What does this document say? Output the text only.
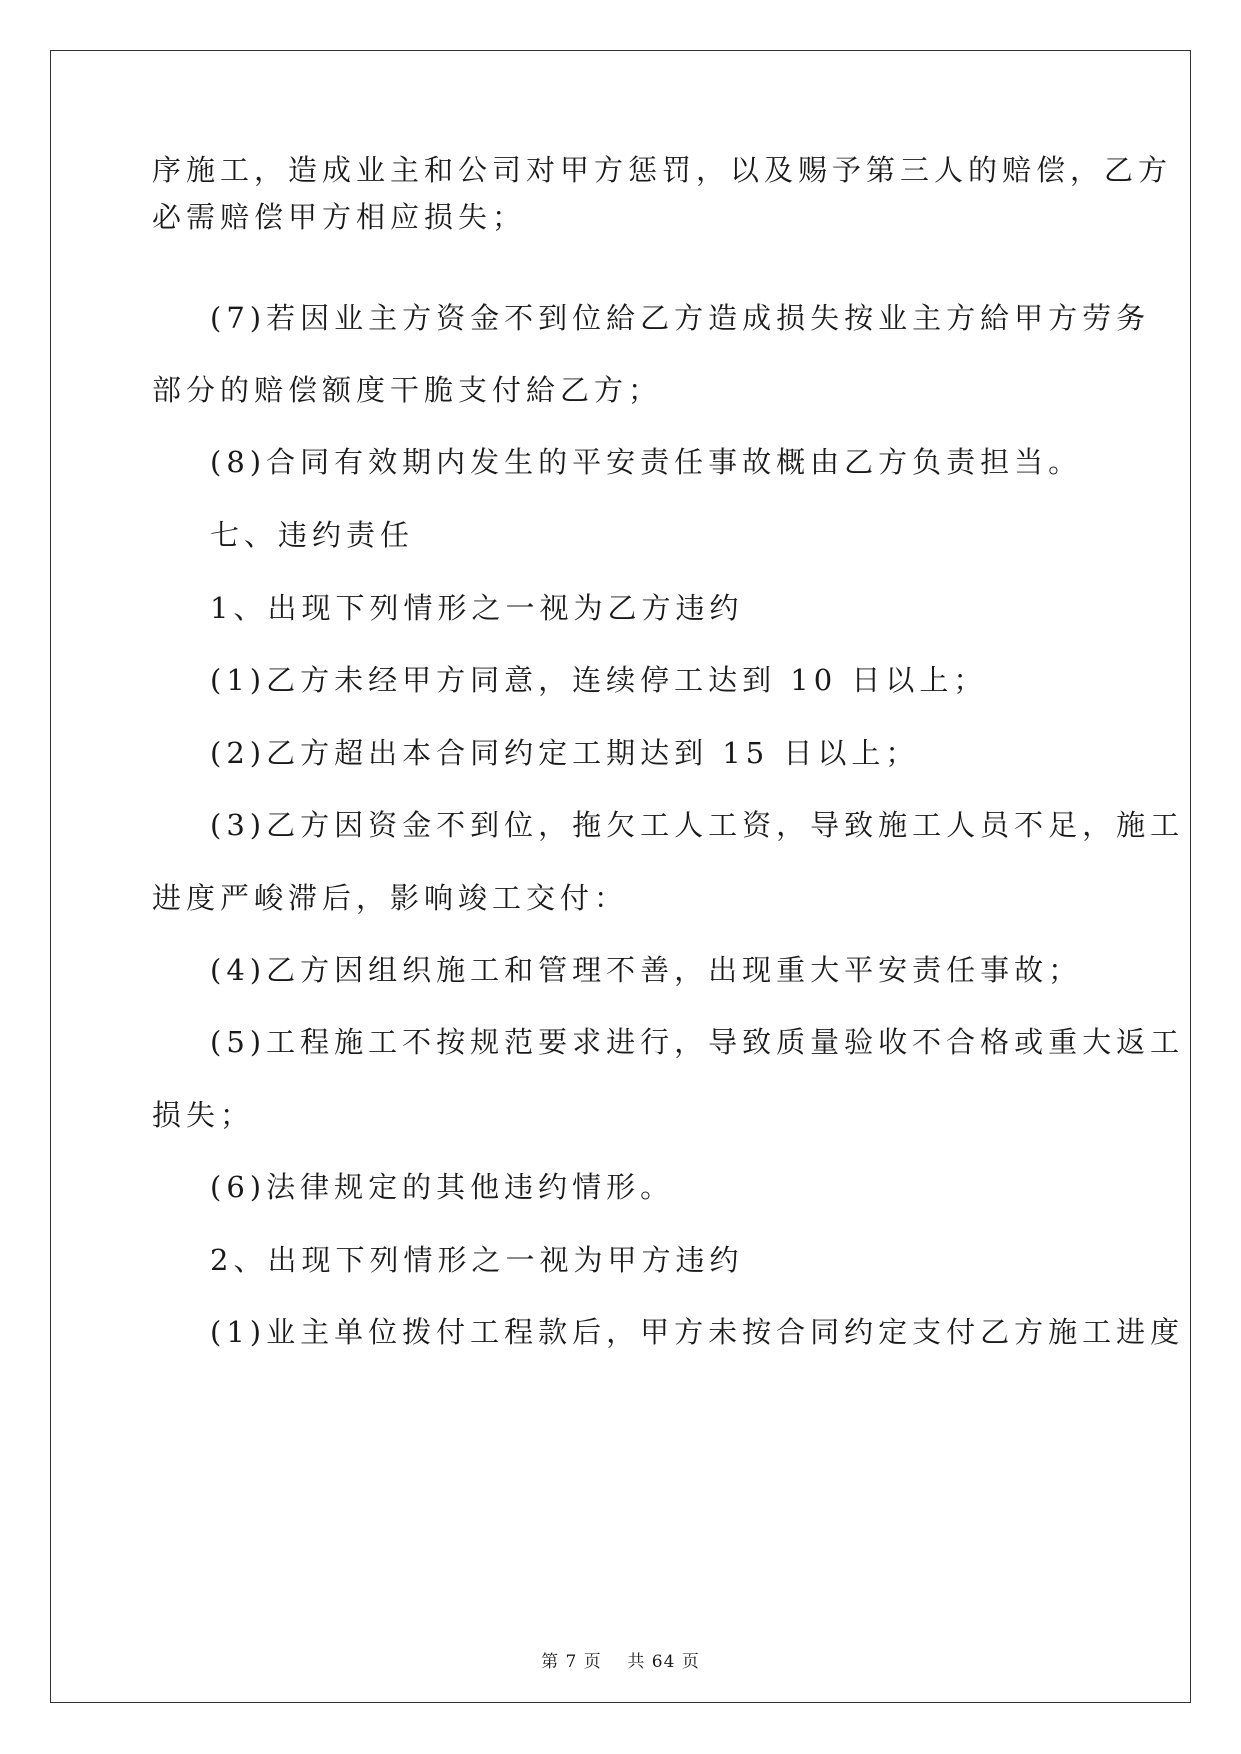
序施工，造成业主和公司对甲方惩罚，以及赐予第三人的赔偿，乙方
必需赔偿甲方相应损失；
(7)若因业主方资金不到位給乙方造成损失按业主方給甲方劳务
部分的赔偿额度干脆支付給乙方；
(8)合同有效期内发生的平安责任事故概由乙方负责担当。
七、违约责任
1、出现下列情形之一视为乙方违约
(1)乙方未经甲方同意，连续停工达到 10 日以上；
(2)乙方超出本合同约定工期达到 15 日以上；
(3)乙方因资金不到位，拖欠工人工资，导致施工人员不足，施工
进度严峻滞后，影响竣工交付：
(4)乙方因组织施工和管理不善，出现重大平安责任事故；
(5)工程施工不按规范要求进行，导致质量验收不合格或重大返工
损失；
(6)法律规定的其他违约情形。
2、出现下列情形之一视为甲方违约
(1)业主单位拨付工程款后，甲方未按合同约定支付乙方施工进度
第 7 页 共 64 页
